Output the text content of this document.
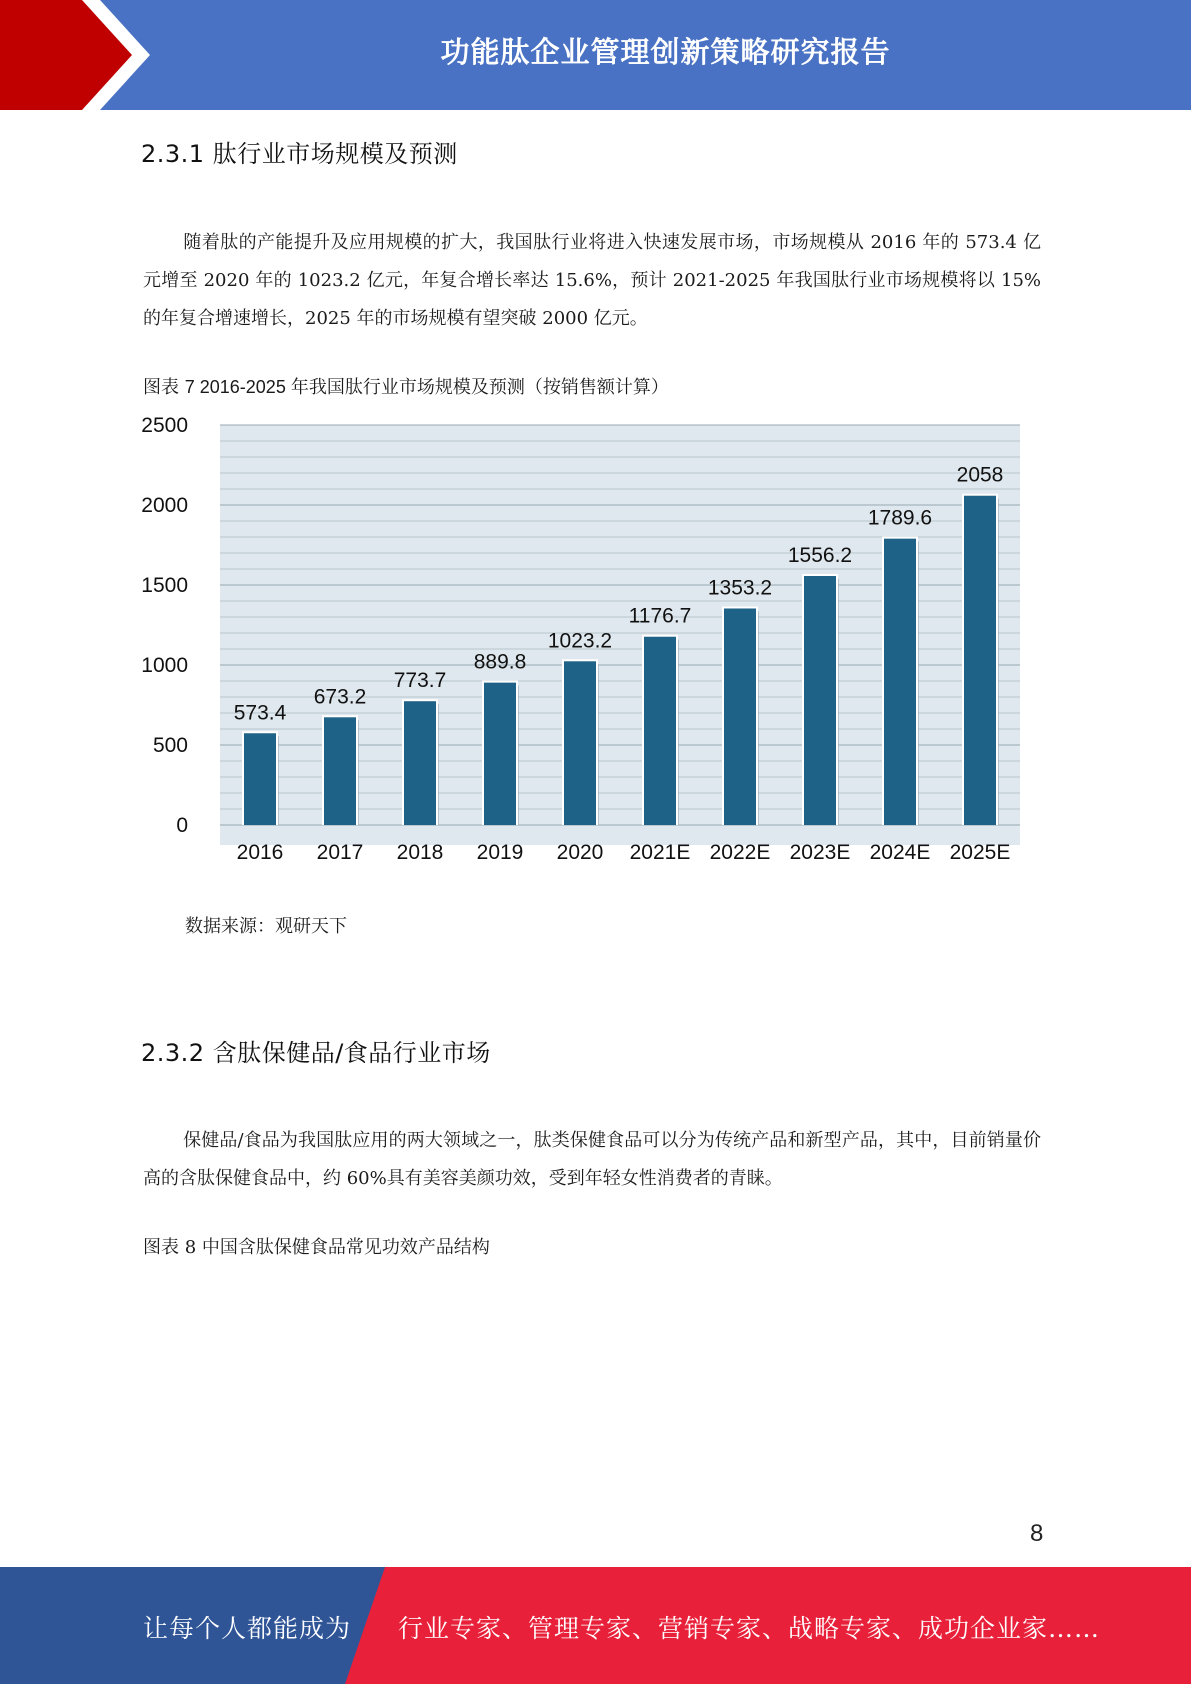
功能肽企业管理创新策略研究报告
2.3.1 肽行业市场规模及预测
随着肽的产能提升及应用规模的扩大，我国肽行业将进入快速发展市场，市场规模从 2016 年的 573.4 亿元增至 2020 年的 1023.2 亿元，年复合增长率达 15.6%，预计 2021-2025 年我国肽行业市场规模将以 15%的年复合增速增长，2025 年的市场规模有望突破 2000 亿元。
图表 7 2016-2025 年我国肽行业市场规模及预测（按销售额计算）
573.4
673.2
773.7
889.8
1023.2
1176.7
1353.2
1556.2
1789.6
2058
0
500
1000
1500
2000
2500
2016 2017 2018 2019 2020 2021E 2022E 2023E 2024E 2025E
数据来源：观研天下
2.3.2 含肽保健品/食品行业市场
保健品/食品为我国肽应用的两大领域之一，肽类保健食品可以分为传统产品和新型产品，其中，目前销量价高的含肽保健食品中，约 60%具有美容美颜功效，受到年轻女性消费者的青睐。
图表 8 中国含肽保健食品常见功效产品结构
8
让每个人都能成为 行业专家、管理专家、营销专家、战略专家、成功企业家……
